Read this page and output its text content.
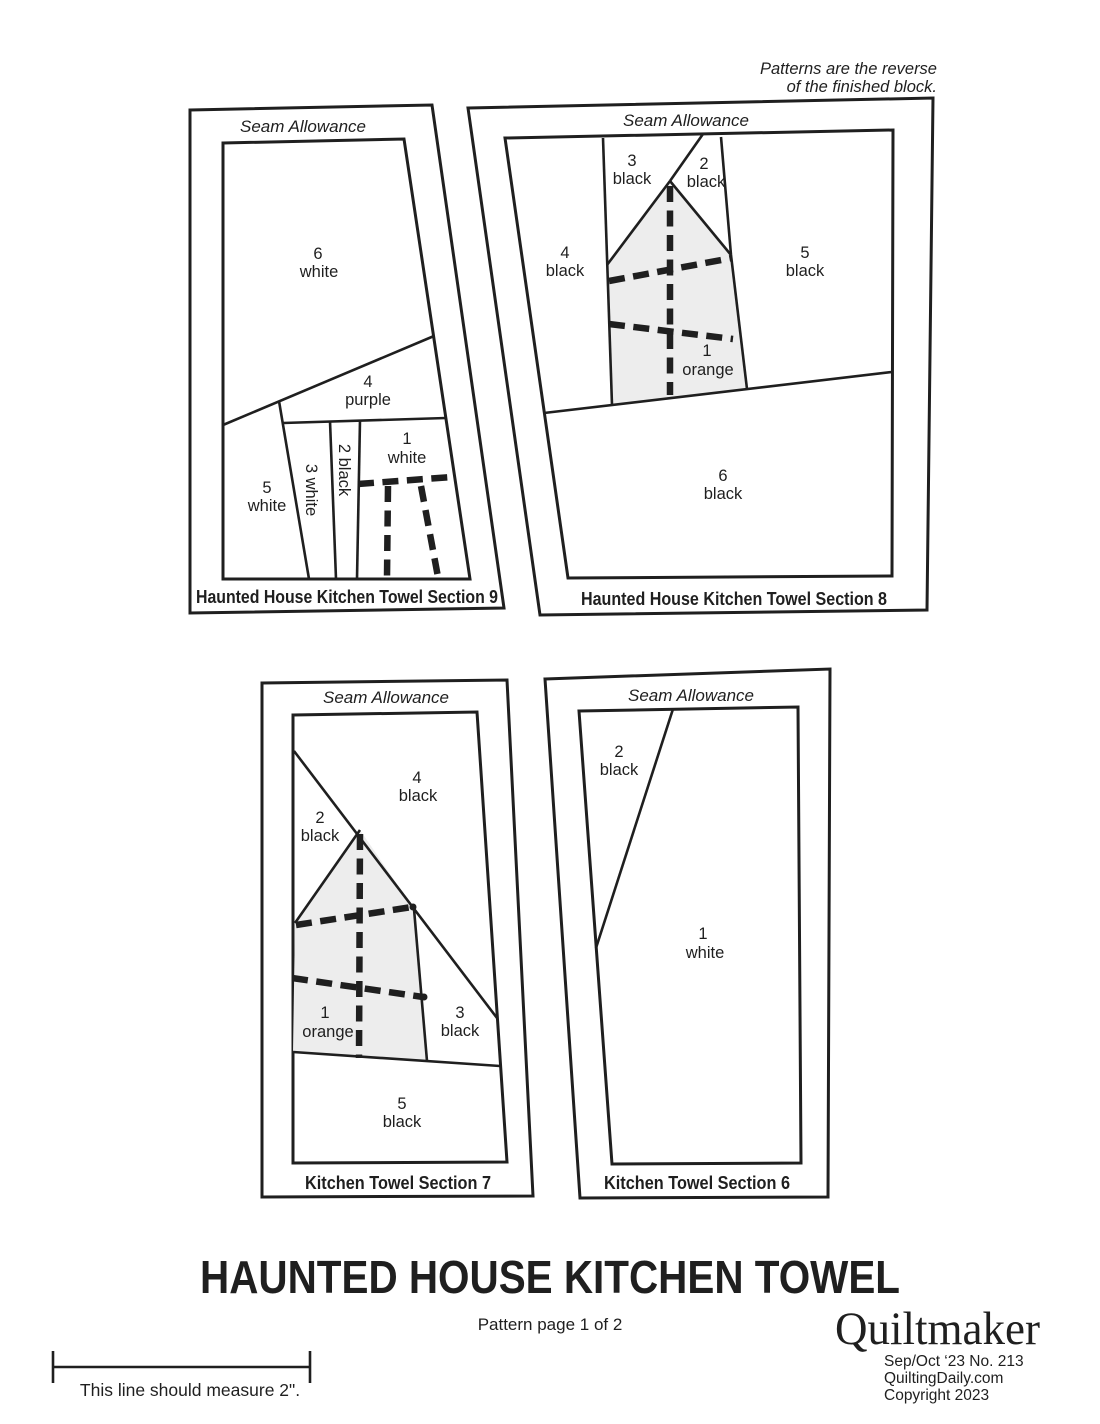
Patterns are the reverse
of the finished block.
Seam Allowance
6
white
4
purple
1
white
5
white 3 white 2 black
Haunted House Kitchen Towel Section 9
Seam Allowance
3
black
2
black
4
black
5
black
1
orange
6
black
Haunted House Kitchen Towel Section 8
Seam Allowance
2
black
4
black
1
orange
3
black
5
black
Kitchen Towel Section 7
Seam Allowance
2
black
1
white
Kitchen Towel Section 6
HAUNTED HOUSE KITCHEN TOWEL
Pattern page 1 of 2	Quiltmaker
Sep/Oct ‘23 No. 213
QuiltingDaily.com
Copyright 2023
This line should measure 2".
